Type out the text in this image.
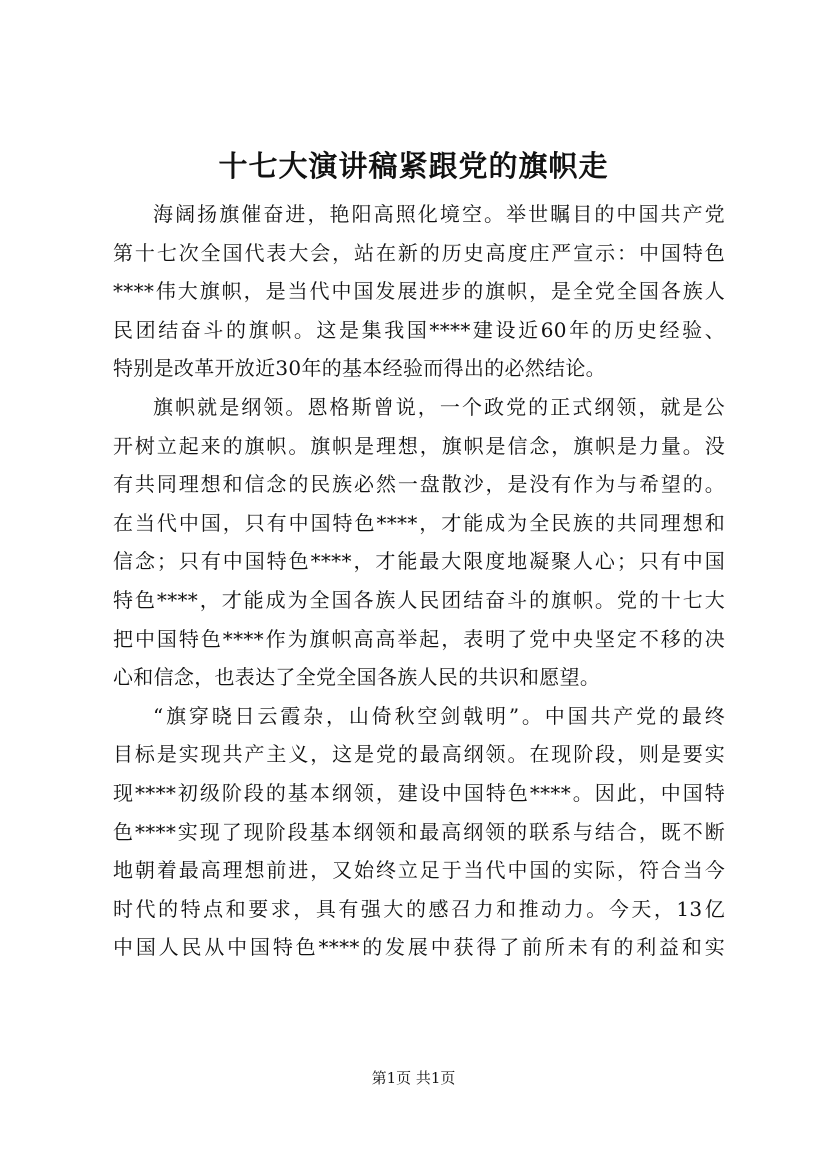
十七大演讲稿紧跟党的旗帜走
海阔扬旗催奋进，艳阳高照化境空。举世瞩目的中国共产党
第十七次全国代表大会，站在新的历史高度庄严宣示：中国特色
****伟大旗帜，是当代中国发展进步的旗帜，是全党全国各族人
民团结奋斗的旗帜。这是集我国****建设近60年的历史经验、
特别是改革开放近30年的基本经验而得出的必然结论。
旗帜就是纲领。恩格斯曾说，一个政党的正式纲领，就是公
开树立起来的旗帜。旗帜是理想，旗帜是信念，旗帜是力量。没
有共同理想和信念的民族必然一盘散沙，是没有作为与希望的。
在当代中国，只有中国特色****，才能成为全民族的共同理想和
信念；只有中国特色****，才能最大限度地凝聚人心；只有中国
特色****，才能成为全国各族人民团结奋斗的旗帜。党的十七大
把中国特色****作为旗帜高高举起，表明了党中央坚定不移的决
心和信念，也表达了全党全国各族人民的共识和愿望。
“旗穿晓日云霞杂，山倚秋空剑戟明”。中国共产党的最终
目标是实现共产主义，这是党的最高纲领。在现阶段，则是要实
现****初级阶段的基本纲领，建设中国特色****。因此，中国特
色****实现了现阶段基本纲领和最高纲领的联系与结合，既不断
地朝着最高理想前进，又始终立足于当代中国的实际，符合当今
时代的特点和要求，具有强大的感召力和推动力。今天，13亿
中国人民从中国特色****的发展中获得了前所未有的利益和实
第1页 共1页
